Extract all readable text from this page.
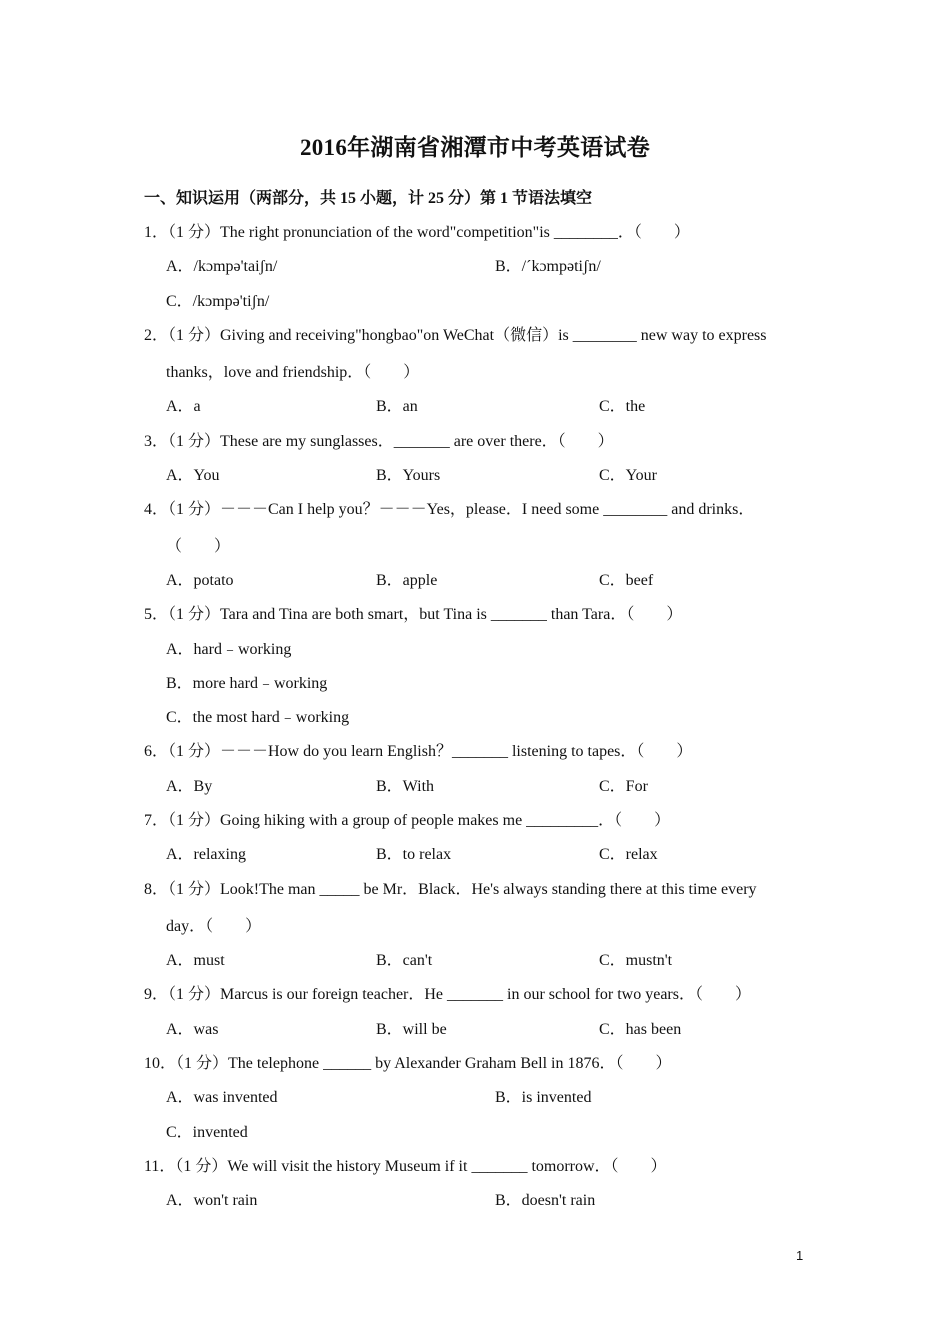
2016年湖南省湘潭市中考英语试卷
一、知识运用（两部分，共 15 小题，计 25 分）第 1 节语法填空
1．（1 分）The right pronunciation of the word"competition"is ________．（　　）
A．/kɔmpə'taiʃn/	B．/ˊkɔmpətiʃn/
C．/kɔmpə'tiʃn/
2．（1 分）Giving and receiving"hongbao"on WeChat（微信）is ________ new way to express
thanks，love and friendship．（　　）
A．a	B．an	C．the
3．（1 分）These are my sunglasses．_______ are over there．（　　）
A．You	B．Yours	C．Your
4．（1 分）－－－Can I help you？－－－Yes，please．I need some ________ and drinks．
（　　）
A．potato	B．apple	C．beef
5．（1 分）Tara and Tina are both smart，but Tina is _______ than Tara．（　　）
A．hard﹣working
B．more hard﹣working
C．the most hard﹣working
6．（1 分）－－－How do you learn English？_______ listening to tapes．（　　）
A．By	B．With	C．For
7．（1 分）Going hiking with a group of people makes me _________．（　　）
A．relaxing	B．to relax	C．relax
8．（1 分）Look!The man _____ be Mr．Black．He's always standing there at this time every
day．（　　）
A．must	B．can't	C．mustn't
9．（1 分）Marcus is our foreign teacher．He _______ in our school for two years．（　　）
A．was	B．will be	C．has been
10．（1 分）The telephone ______ by Alexander Graham Bell in 1876．（　　）
A．was invented	B．is invented
C．invented
11．（1 分）We will visit the history Museum if it _______ tomorrow．（　　）
A．won't rain	B．doesn't rain
1
